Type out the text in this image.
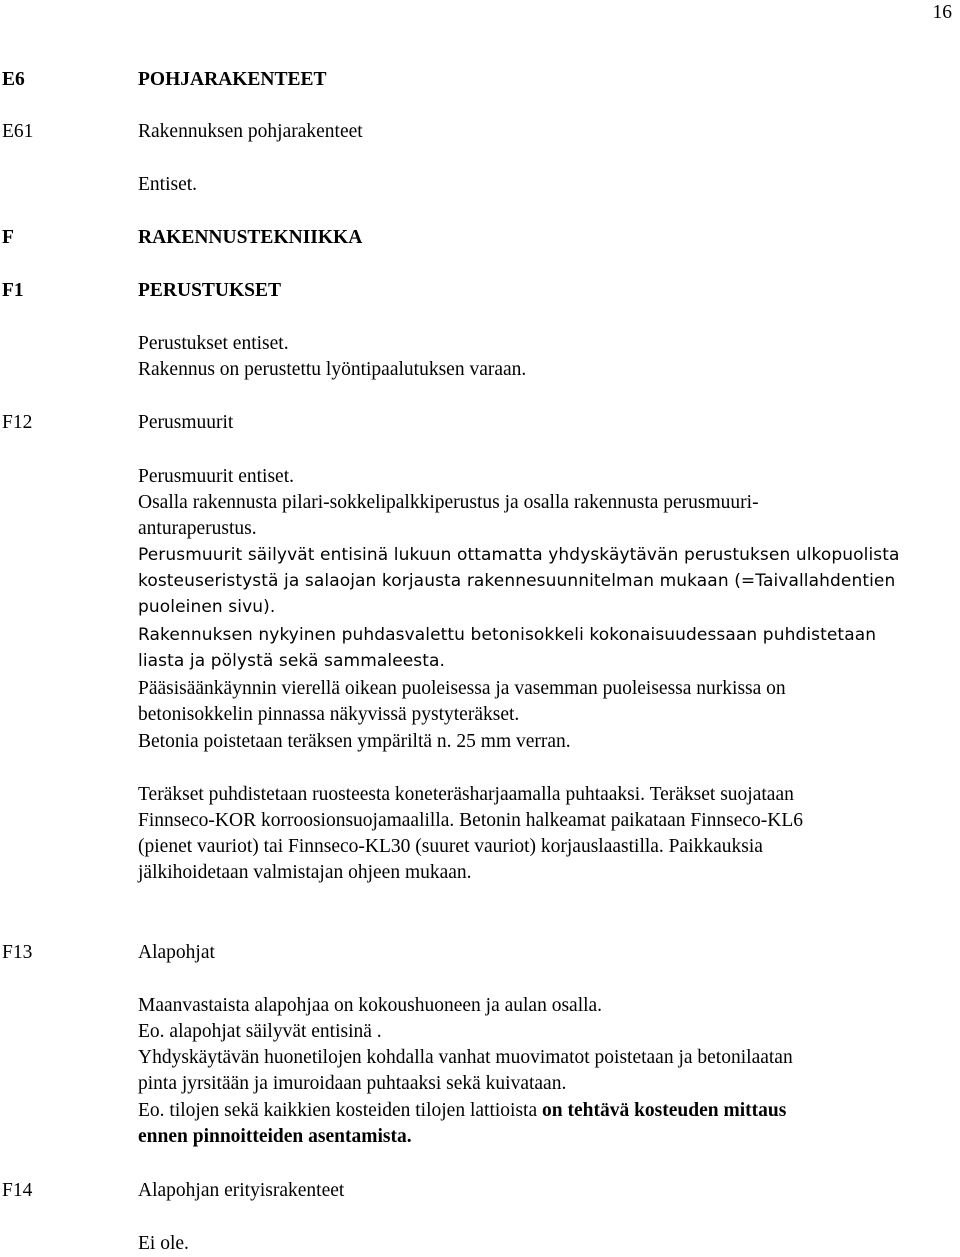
16
E6	POHJARAKENTEET
E61	Rakennuksen pohjarakenteet
Entiset.
F	RAKENNUSTEKNIIKKA
F1	PERUSTUKSET
Perustukset entiset.
Rakennus on perustettu lyöntipaalutuksen varaan.
F12	Perusmuurit
Perusmuurit entiset.
Osalla rakennusta pilari-sokkelipalkkiperustus ja osalla rakennusta perusmuuri-
anturaperustus.
Perusmuurit säilyvät entisinä lukuun ottamatta yhdyskäytävän perustuksen ulkopuolista
kosteuseristystä ja salaojan korjausta rakennesuunnitelman mukaan (=Taivallahdentien
puoleinen sivu).
Rakennuksen nykyinen puhdasvalettu betonisokkeli kokonaisuudessaan puhdistetaan
liasta ja pölystä sekä sammaleesta.
Pääsisäänkäynnin vierellä oikean puoleisessa ja vasemman puoleisessa nurkissa on
betonisokkelin pinnassa näkyvissä pystyteräkset.
Betonia poistetaan teräksen ympäriltä n. 25 mm verran.
Teräkset puhdistetaan ruosteesta koneteräsharjaamalla puhtaaksi. Teräkset suojataan
Finnseco-KOR korroosionsuojamaalilla. Betonin halkeamat paikataan Finnseco-KL6
(pienet vauriot) tai Finnseco-KL30 (suuret vauriot) korjauslaastilla. Paikkauksia
jälkihoidetaan valmistajan ohjeen mukaan.
F13	Alapohjat
Maanvastaista alapohjaa on kokoushuoneen ja aulan osalla.
Eo. alapohjat säilyvät entisinä .
Yhdyskäytävän huonetilojen kohdalla vanhat muovimatot poistetaan ja betonilaatan
pinta jyrsitään ja imuroidaan puhtaaksi sekä kuivataan.
Eo. tilojen sekä kaikkien kosteiden tilojen lattioista on tehtävä kosteuden mittaus
ennen pinnoitteiden asentamista.
F14	Alapohjan erityisrakenteet
Ei ole.
